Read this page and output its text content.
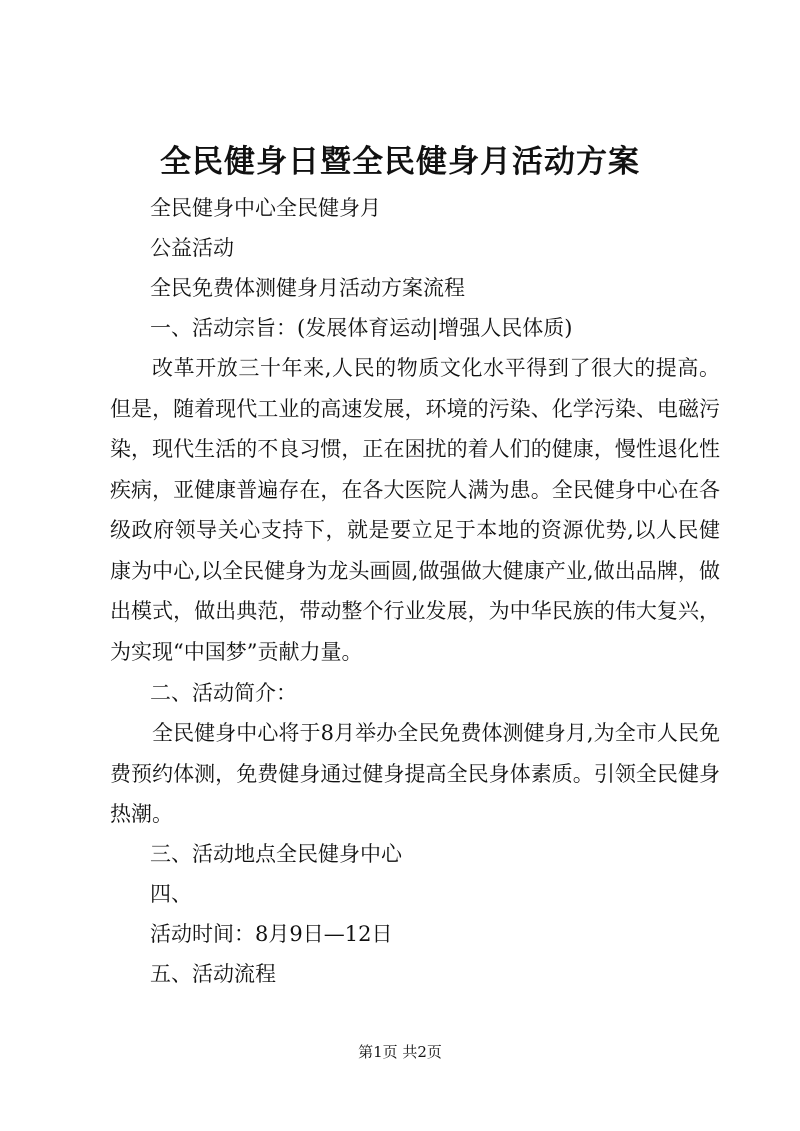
全民健身日暨全民健身月活动方案
全民健身中心全民健身月
公益活动
全民免费体测健身月活动方案流程
一、活动宗旨：(发展体育运动|增强人民体质)
改革开放三十年来,人民的物质文化水平得到了很大的提高。但是，随着现代工业的高速发展，环境的污染、化学污染、电磁污染，现代生活的不良习惯，正在困扰的着人们的健康，慢性退化性疾病，亚健康普遍存在，在各大医院人满为患。全民健身中心在各级政府领导关心支持下，就是要立足于本地的资源优势,以人民健康为中心,以全民健身为龙头画圆,做强做大健康产业,做出品牌，做出模式，做出典范，带动整个行业发展，为中华民族的伟大复兴，为实现“中国梦”贡献力量。
二、活动简介：
全民健身中心将于8月举办全民免费体测健身月,为全市人民免费预约体测，免费健身通过健身提高全民身体素质。引领全民健身热潮。
三、活动地点全民健身中心
四、
活动时间：8月9日—12日
五、活动流程
第1页 共2页
